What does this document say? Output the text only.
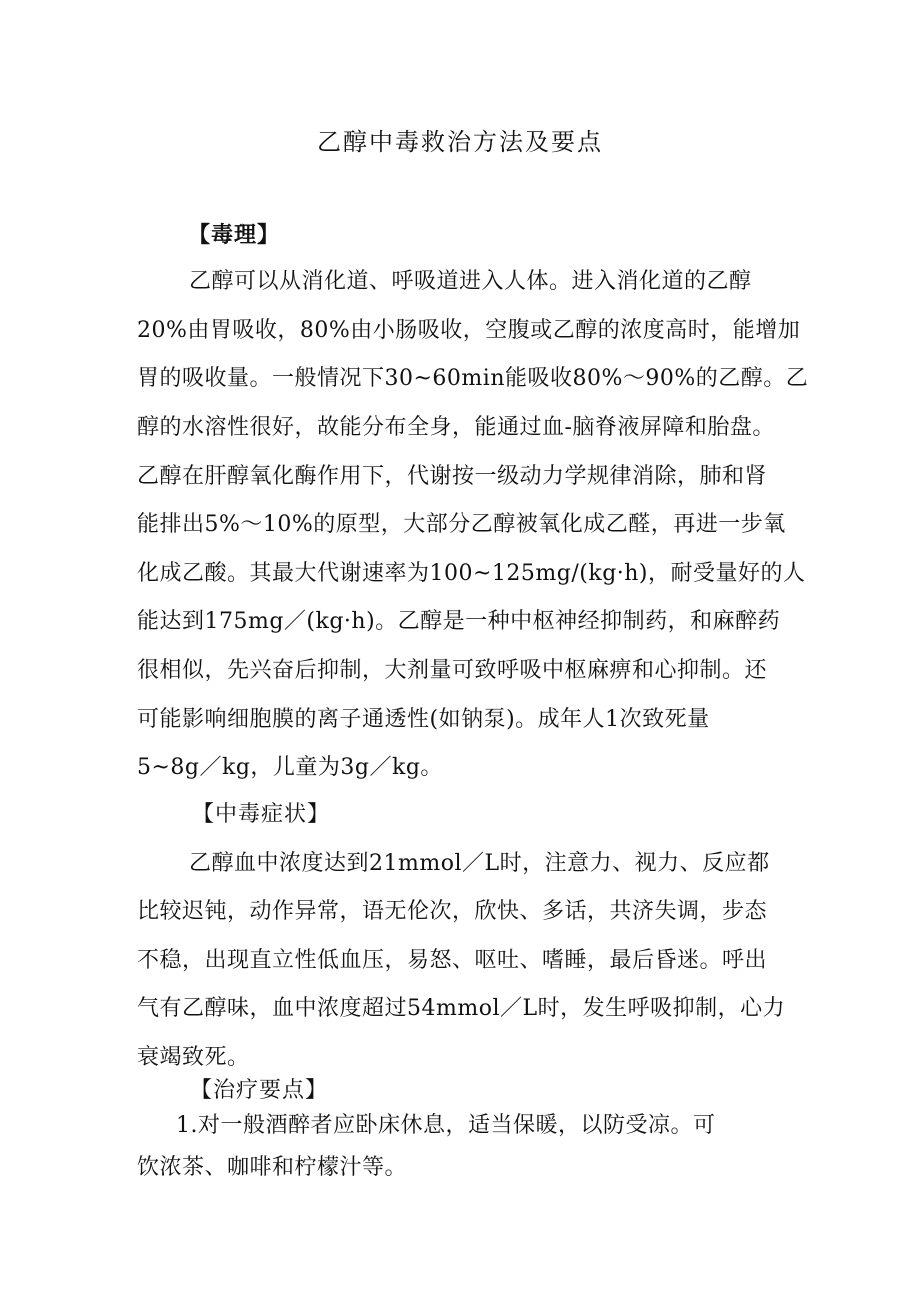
乙醇中毒救治方法及要点
【毒理】

乙醇可以从消化道、呼吸道进入人体。进入消化道的乙醇

20%由胃吸收，80%由小肠吸收，空腹或乙醇的浓度高时，能增加

胃的吸收量。一般情况下30~60min能吸收80%～90%的乙醇。乙

醇的水溶性很好，故能分布全身，能通过血-脑脊液屏障和胎盘。

乙醇在肝醇氧化酶作用下，代谢按一级动力学规律消除，肺和肾

能排出5%～10%的原型，大部分乙醇被氧化成乙醛，再进一步氧

化成乙酸。其最大代谢速率为100~125mg/(kg·h)，耐受量好的人

能达到175mg／(kg·h)。乙醇是一种中枢神经抑制药，和麻醉药

很相似，先兴奋后抑制，大剂量可致呼吸中枢麻痹和心抑制。还

可能影响细胞膜的离子通透性(如钠泵)。成年人1次致死量

5~8g／kg，儿童为3g／kg。

【中毒症状】

乙醇血中浓度达到21mmol／L时，注意力、视力、反应都

比较迟钝，动作异常，语无伦次，欣快、多话，共济失调，步态

不稳，出现直立性低血压，易怒、呕吐、嗜睡，最后昏迷。呼出

气有乙醇味，血中浓度超过54mmol／L时，发生呼吸抑制，心力

衰竭致死。

【治疗要点】

1.对一般酒醉者应卧床休息，适当保暖，以防受凉。可

饮浓茶、咖啡和柠檬汁等。
